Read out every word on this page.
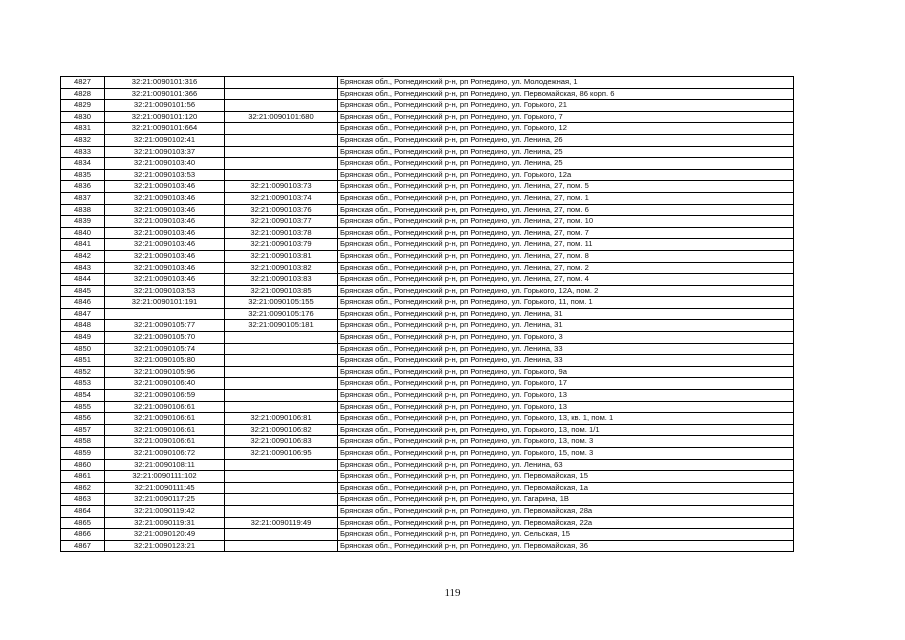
4827	32:21:0090101:316		Брянская обл., Рогнединский р-н, рп Рогнедино, ул. Молодежная, 1
4828	32:21:0090101:366		Брянская обл., Рогнединский р-н, рп Рогнедино, ул. Первомайская, 86 корп. 6
4829	32:21:0090101:56		Брянская обл., Рогнединский р-н, рп Рогнедино, ул. Горького, 21
4830	32:21:0090101:120	32:21:0090101:680	Брянская обл., Рогнединский р-н, рп Рогнедино, ул. Горького, 7
4831	32:21:0090101:664		Брянская обл., Рогнединский р-н, рп Рогнедино, ул. Горького, 12
4832	32:21:0090102:41		Брянская обл., Рогнединский р-н, рп Рогнедино, ул. Ленина, 26
4833	32:21:0090103:37		Брянская обл., Рогнединский р-н, рп Рогнедино, ул. Ленина, 25
4834	32:21:0090103:40		Брянская обл., Рогнединский р-н, рп Рогнедино, ул. Ленина, 25
4835	32:21:0090103:53		Брянская обл., Рогнединский р-н, рп Рогнедино, ул. Горького, 12а
4836	32:21:0090103:46	32:21:0090103:73	Брянская обл., Рогнединский р-н, рп Рогнедино, ул. Ленина, 27, пом. 5
4837	32:21:0090103:46	32:21:0090103:74	Брянская обл., Рогнединский р-н, рп Рогнедино, ул. Ленина, 27, пом. 1
4838	32:21:0090103:46	32:21:0090103:76	Брянская обл., Рогнединский р-н, рп Рогнедино, ул. Ленина, 27, пом. 6
4839	32:21:0090103:46	32:21:0090103:77	Брянская обл., Рогнединский р-н, рп Рогнедино, ул. Ленина, 27, пом. 10
4840	32:21:0090103:46	32:21:0090103:78	Брянская обл., Рогнединский р-н, рп Рогнедино, ул. Ленина, 27, пом. 7
4841	32:21:0090103:46	32:21:0090103:79	Брянская обл., Рогнединский р-н, рп Рогнедино, ул. Ленина, 27, пом. 11
4842	32:21:0090103:46	32:21:0090103:81	Брянская обл., Рогнединский р-н, рп Рогнедино, ул. Ленина, 27, пом. 8
4843	32:21:0090103:46	32:21:0090103:82	Брянская обл., Рогнединский р-н, рп Рогнедино, ул. Ленина, 27, пом. 2
4844	32:21:0090103:46	32:21:0090103:83	Брянская обл., Рогнединский р-н, рп Рогнедино, ул. Ленина, 27, пом. 4
4845	32:21:0090103:53	32:21:0090103:85	Брянская обл., Рогнединский р-н, рп Рогнедино, ул. Горького, 12А, пом. 2
4846	32:21:0090101:191	32:21:0090105:155	Брянская обл., Рогнединский р-н, рп Рогнедино, ул. Горького, 11, пом. 1
4847		32:21:0090105:176	Брянская обл., Рогнединский р-н, рп Рогнедино, ул. Ленина, 31
4848	32:21:0090105:77	32:21:0090105:181	Брянская обл., Рогнединский р-н, рп Рогнедино, ул. Ленина, 31
4849	32:21:0090105:70		Брянская обл., Рогнединский р-н, рп Рогнедино, ул. Горького, 3
4850	32:21:0090105:74		Брянская обл., Рогнединский р-н, рп Рогнедино, ул. Ленина, 33
4851	32:21:0090105:80		Брянская обл., Рогнединский р-н, рп Рогнедино, ул. Ленина, 33
4852	32:21:0090105:96		Брянская обл., Рогнединский р-н, рп Рогнедино, ул. Горького, 9а
4853	32:21:0090106:40		Брянская обл., Рогнединский р-н, рп Рогнедино, ул. Горького, 17
4854	32:21:0090106:59		Брянская обл., Рогнединский р-н, рп Рогнедино, ул. Горького, 13
4855	32:21:0090106:61		Брянская обл., Рогнединский р-н, рп Рогнедино, ул. Горького, 13
4856	32:21:0090106:61	32:21:0090106:81	Брянская обл., Рогнединский р-н, рп Рогнедино, ул. Горького, 13, кв. 1, пом. 1
4857	32:21:0090106:61	32:21:0090106:82	Брянская обл., Рогнединский р-н, рп Рогнедино, ул. Горького, 13, пом. 1/1
4858	32:21:0090106:61	32:21:0090106:83	Брянская обл., Рогнединский р-н, рп Рогнедино, ул. Горького, 13, пом. 3
4859	32:21:0090106:72	32:21:0090106:95	Брянская обл., Рогнединский р-н, рп Рогнедино, ул. Горького, 15, пом. 3
4860	32:21:0090108:11		Брянская обл., Рогнединский р-н, рп Рогнедино, ул. Ленина, 63
4861	32:21:0090111:102		Брянская обл., Рогнединский р-н, рп Рогнедино, ул. Первомайская, 15
4862	32:21:0090111:45		Брянская обл., Рогнединский р-н, рп Рогнедино, ул. Первомайская, 1а
4863	32:21:0090117:25		Брянская обл., Рогнединский р-н, рп Рогнедино, ул. Гагарина, 1В
4864	32:21:0090119:42		Брянская обл., Рогнединский р-н, рп Рогнедино, ул. Первомайская, 28а
4865	32:21:0090119:31	32:21:0090119:49	Брянская обл., Рогнединский р-н, рп Рогнедино, ул. Первомайская, 22а
4866	32:21:0090120:49		Брянская обл., Рогнединский р-н, рп Рогнедино, ул. Сельская, 15
4867	32:21:0090123:21		Брянская обл., Рогнединский р-н, рп Рогнедино, ул. Первомайская, 36
119
